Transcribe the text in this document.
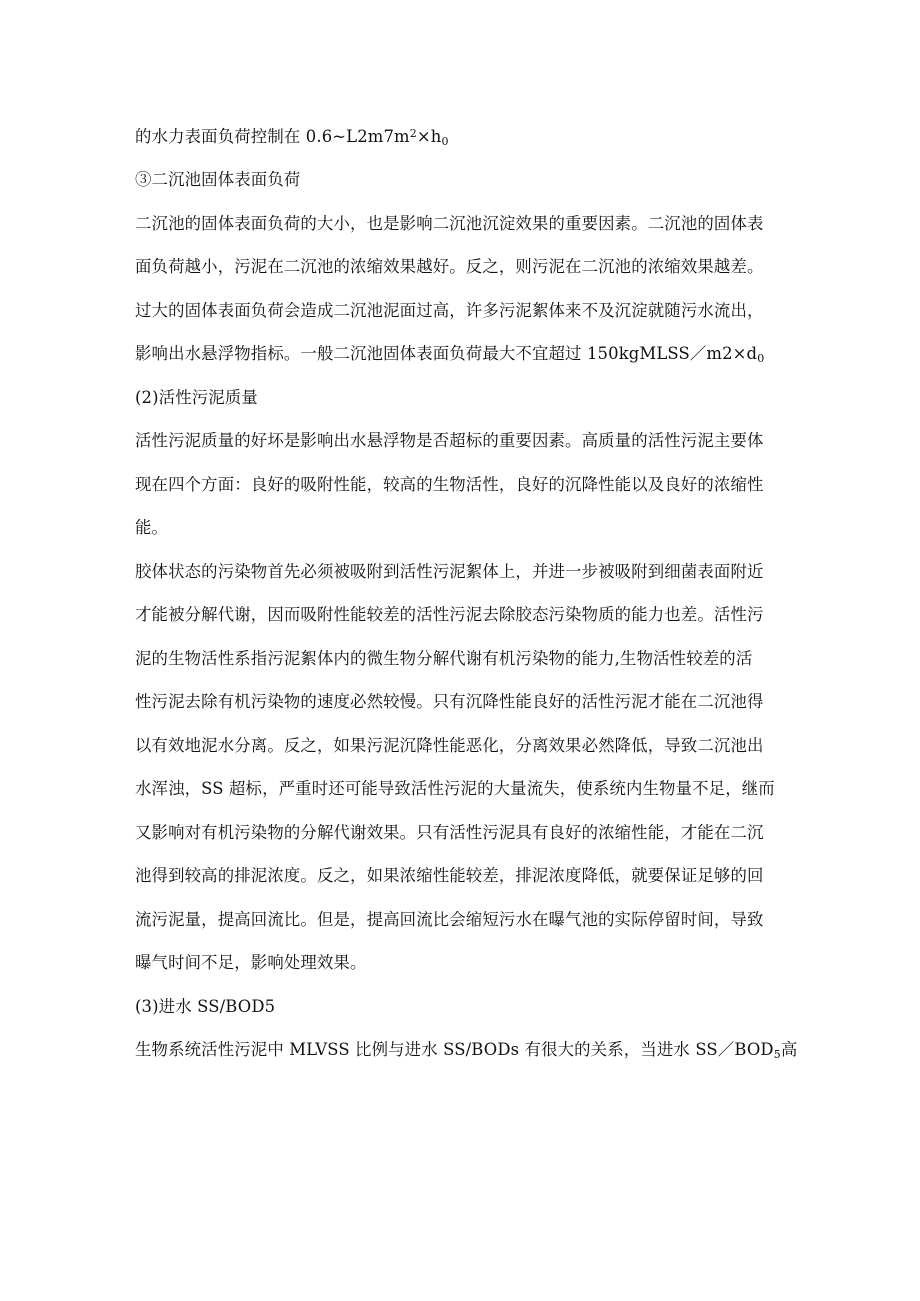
的水力表面负荷控制在 $0.6\sim L2m7m^2\times h_0$
③二沉池固体表面负荷
二沉池的固体表面负荷的大小，也是影响二沉池沉淀效果的重要因素。二沉池的固体表
面负荷越小，污泥在二沉池的浓缩效果越好。反之，则污泥在二沉池的浓缩效果越差。
过大的固体表面负荷会造成二沉池泥面过高，许多污泥絮体来不及沉淀就随污水流出，
影响出水悬浮物指标。一般二沉池固体表面负荷最大不宜超过 $150kgMLSS/m2\times d_0$
(2)活性污泥质量
活性污泥质量的好坏是影响出水悬浮物是否超标的重要因素。高质量的活性污泥主要体
现在四个方面：良好的吸附性能，较高的生物活性，良好的沉降性能以及良好的浓缩性
能。
胶体状态的污染物首先必须被吸附到活性污泥絮体上，并进一步被吸附到细菌表面附近
才能被分解代谢，因而吸附性能较差的活性污泥去除胶态污染物质的能力也差。活性污
泥的生物活性系指污泥絮体内的微生物分解代谢有机污染物的能力,生物活性较差的活
性污泥去除有机污染物的速度必然较慢。只有沉降性能良好的活性污泥才能在二沉池得
以有效地泥水分离。反之，如果污泥沉降性能恶化，分离效果必然降低，导致二沉池出
水浑浊，SS 超标，严重时还可能导致活性污泥的大量流失，使系统内生物量不足，继而
又影响对有机污染物的分解代谢效果。只有活性污泥具有良好的浓缩性能，才能在二沉
池得到较高的排泥浓度。反之，如果浓缩性能较差，排泥浓度降低，就要保证足够的回
流污泥量，提高回流比。但是，提高回流比会缩短污水在曝气池的实际停留时间，导致
曝气时间不足，影响处理效果。
(3)进水 SS/BOD5
生物系统活性污泥中 MLVSS 比例与进水 SS/BODs 有很大的关系，当进水 $SS/BOD_5$高
